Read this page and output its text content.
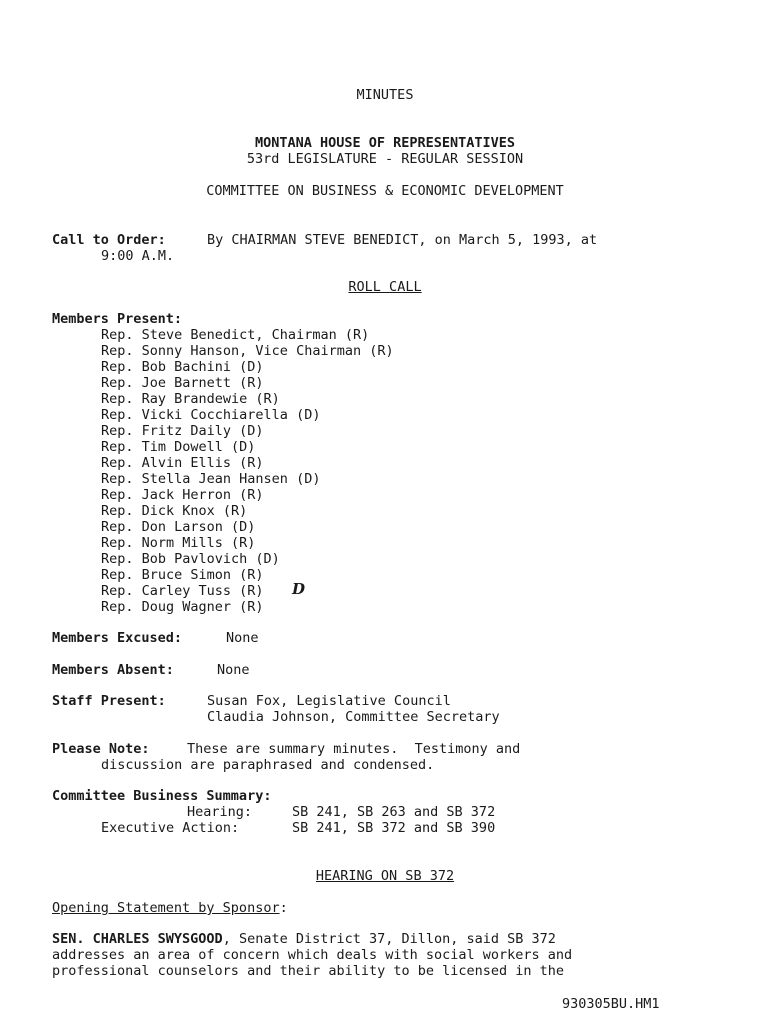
MINUTES
MONTANA HOUSE OF REPRESENTATIVES
53rd LEGISLATURE - REGULAR SESSION
COMMITTEE ON BUSINESS & ECONOMIC DEVELOPMENT
Call to Order:	By CHAIRMAN STEVE BENEDICT, on March 5, 1993, at
9:00 A.M.
ROLL CALL
Members Present:
Rep. Steve Benedict, Chairman (R)
Rep. Sonny Hanson, Vice Chairman (R)
Rep. Bob Bachini (D)
Rep. Joe Barnett (R)
Rep. Ray Brandewie (R)
Rep. Vicki Cocchiarella (D)
Rep. Fritz Daily (D)
Rep. Tim Dowell (D)
Rep. Alvin Ellis (R)
Rep. Stella Jean Hansen (D)
Rep. Jack Herron (R)
Rep. Dick Knox (R)
Rep. Don Larson (D)
Rep. Norm Mills (R)
Rep. Bob Pavlovich (D)
Rep. Bruce Simon (R)
Rep. Carley Tuss (R) D
Rep. Doug Wagner (R)
Members Excused:	None
Members Absent:	None
Staff Present:	Susan Fox, Legislative Council
Claudia Johnson, Committee Secretary
Please Note:	These are summary minutes.  Testimony and
discussion are paraphrased and condensed.
Committee Business Summary:
Hearing:	SB 241, SB 263 and SB 372
Executive Action:	SB 241, SB 372 and SB 390
HEARING ON SB 372
Opening Statement by Sponsor:
SEN. CHARLES SWYSGOOD, Senate District 37, Dillon, said SB 372
addresses an area of concern which deals with social workers and
professional counselors and their ability to be licensed in the
930305BU.HM1
